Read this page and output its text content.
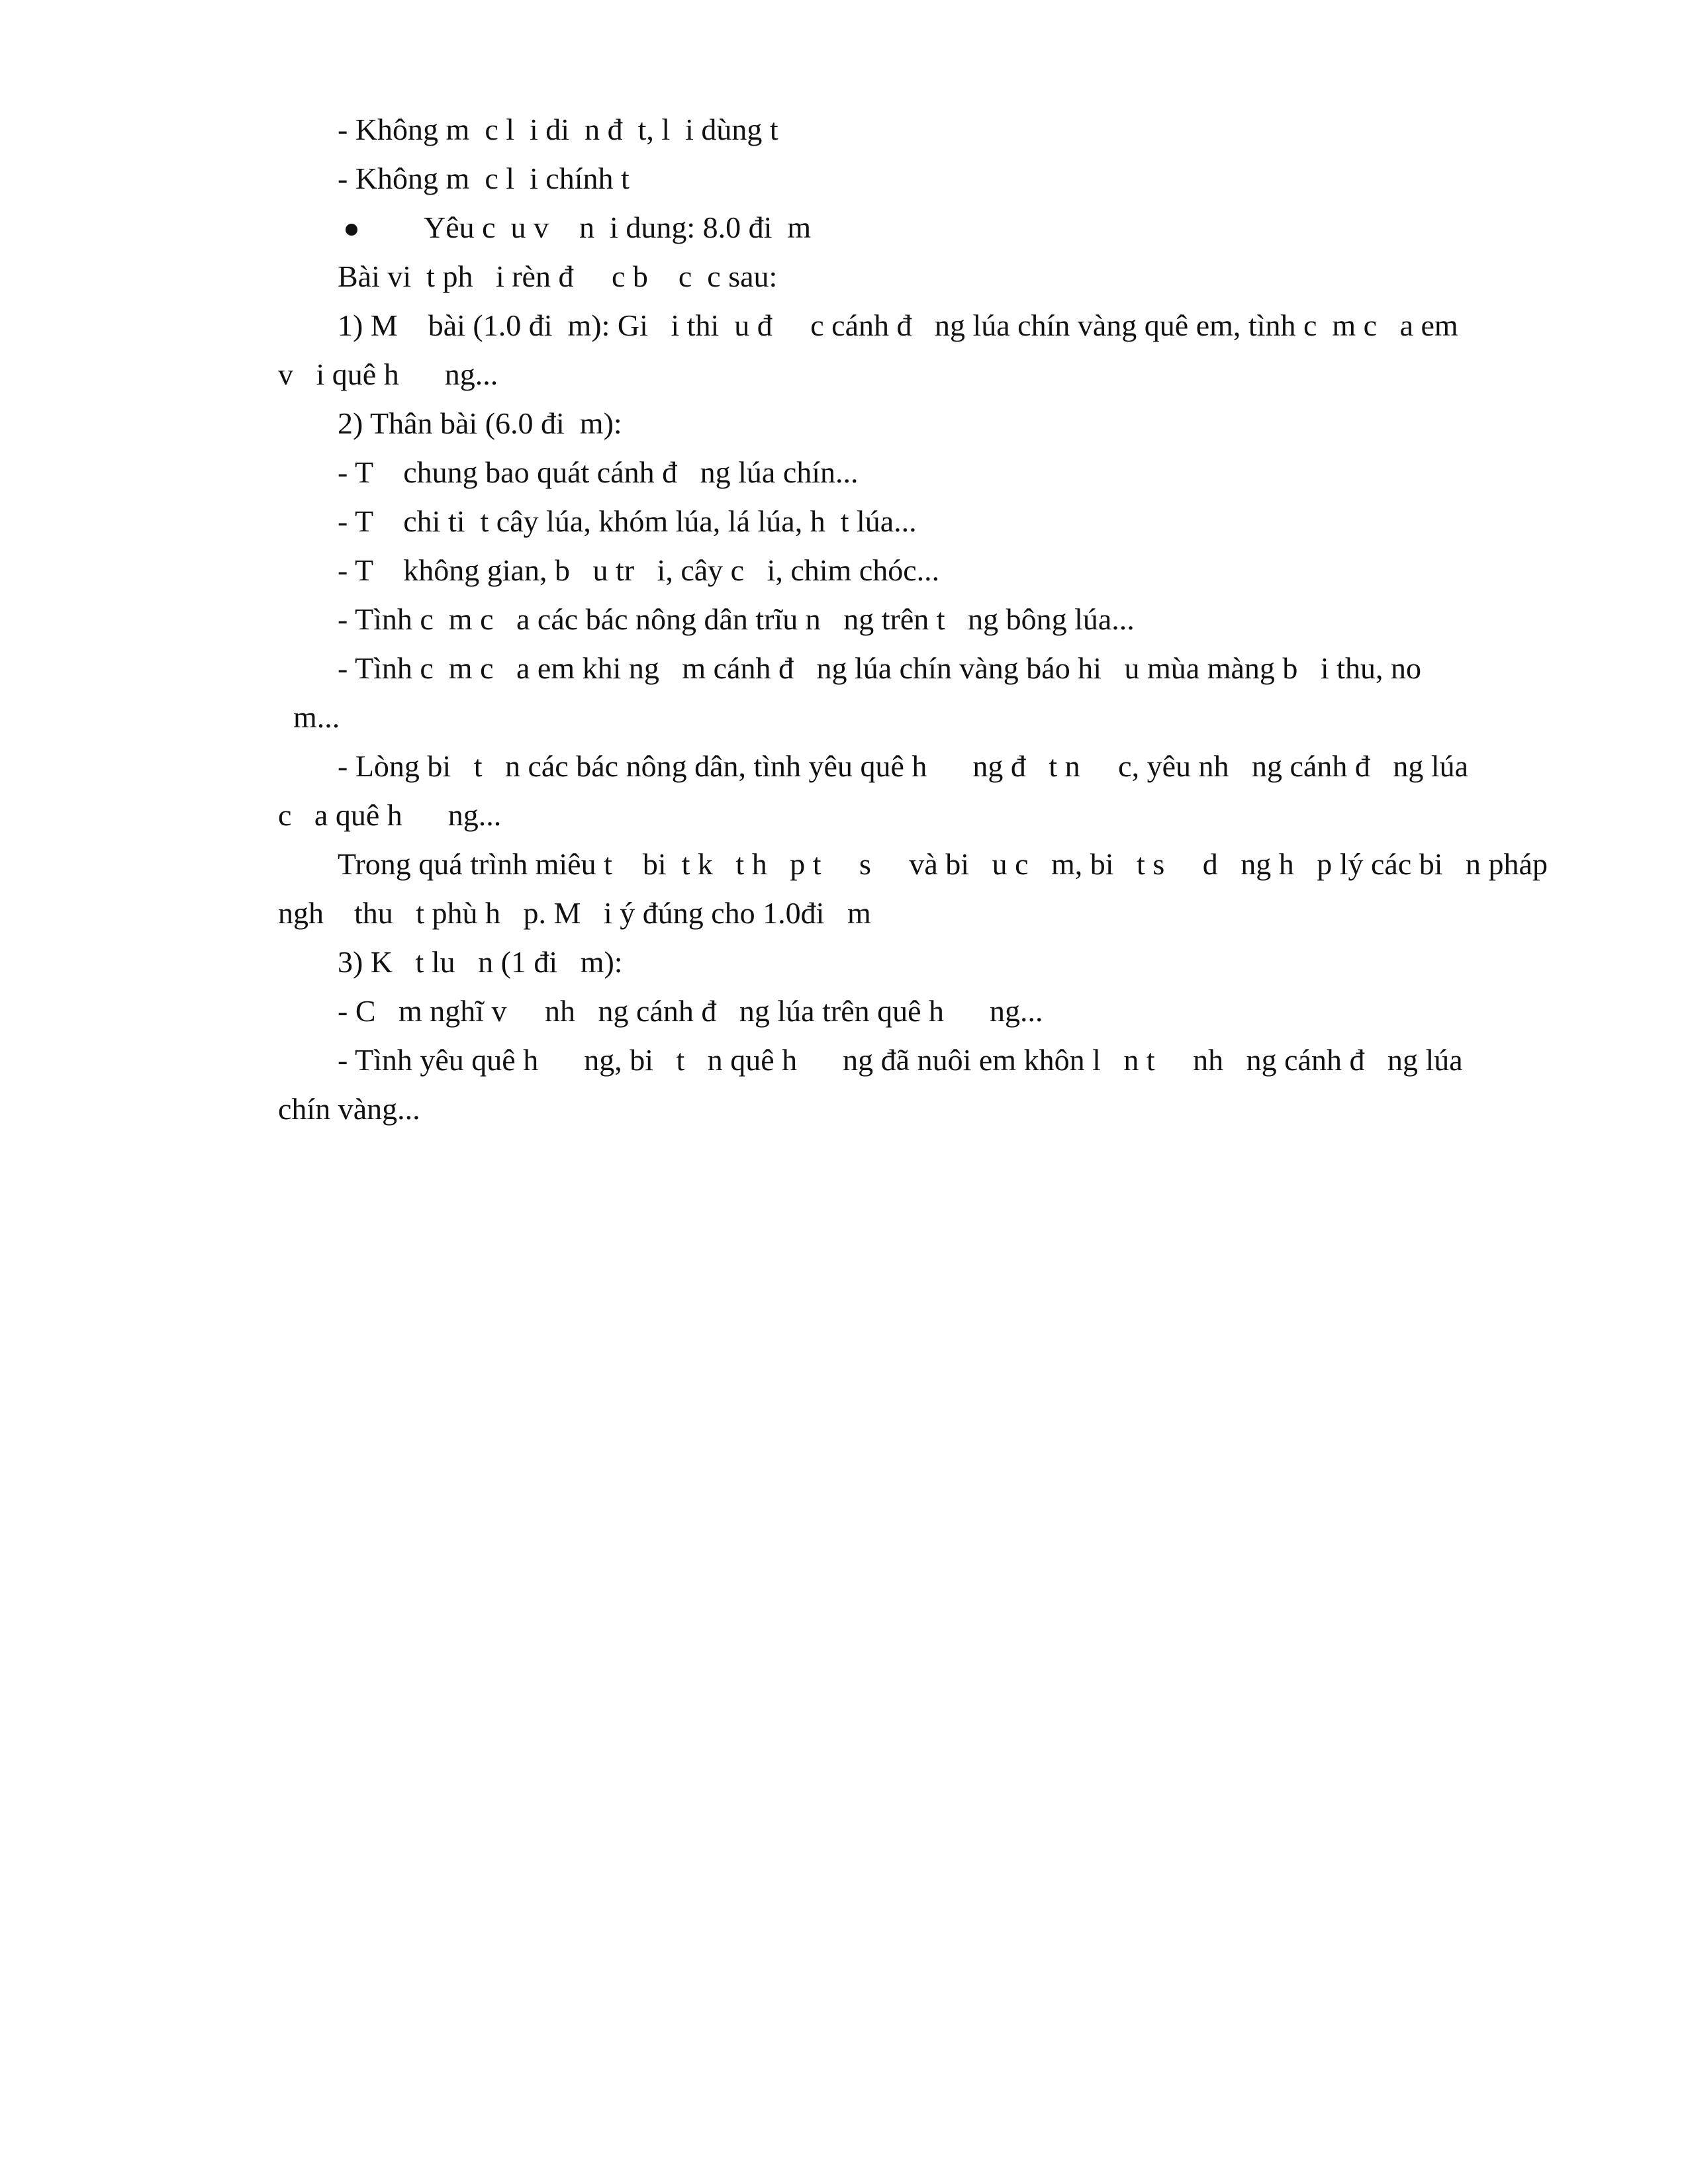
- Không m  c l  i di  n đ  t, l  i dùng t
- Không m  c l  i chính t
Yêu c  u v    n  i dung: 8.0 đi  m
Bài vi  t ph   i rèn đ     c b    c  c sau:
1) M    bài (1.0 đi  m): Gi   i thi  u đ     c cánh đ   ng lúa chín vàng quê em, tình c  m c   a em
v   i quê h      ng...
2) Thân bài (6.0 đi  m):
- T    chung bao quát cánh đ   ng lúa chín...
- T    chi ti  t cây lúa, khóm lúa, lá lúa, h  t lúa...
- T    không gian, b   u tr   i, cây c   i, chim chóc...
- Tình c  m c   a các bác nông dân trĩu n   ng trên t   ng bông lúa...
- Tình c  m c   a em khi ng   m cánh đ   ng lúa chín vàng báo hi   u mùa màng b   i thu, no
m...
- Lòng bi   t   n các bác nông dân, tình yêu quê h      ng đ   t n     c, yêu nh   ng cánh đ   ng lúa
c   a quê h      ng...
Trong quá trình miêu t    bi  t k   t h   p t     s     và bi   u c   m, bi   t s     d   ng h   p lý các bi   n pháp
ngh    thu   t phù h   p. M   i ý đúng cho 1.0đi   m
3) K   t lu   n (1 đi   m):
- C   m nghĩ v     nh   ng cánh đ   ng lúa trên quê h      ng...
- Tình yêu quê h      ng, bi   t   n quê h      ng đã nuôi em khôn l   n t     nh   ng cánh đ   ng lúa
chín vàng...
